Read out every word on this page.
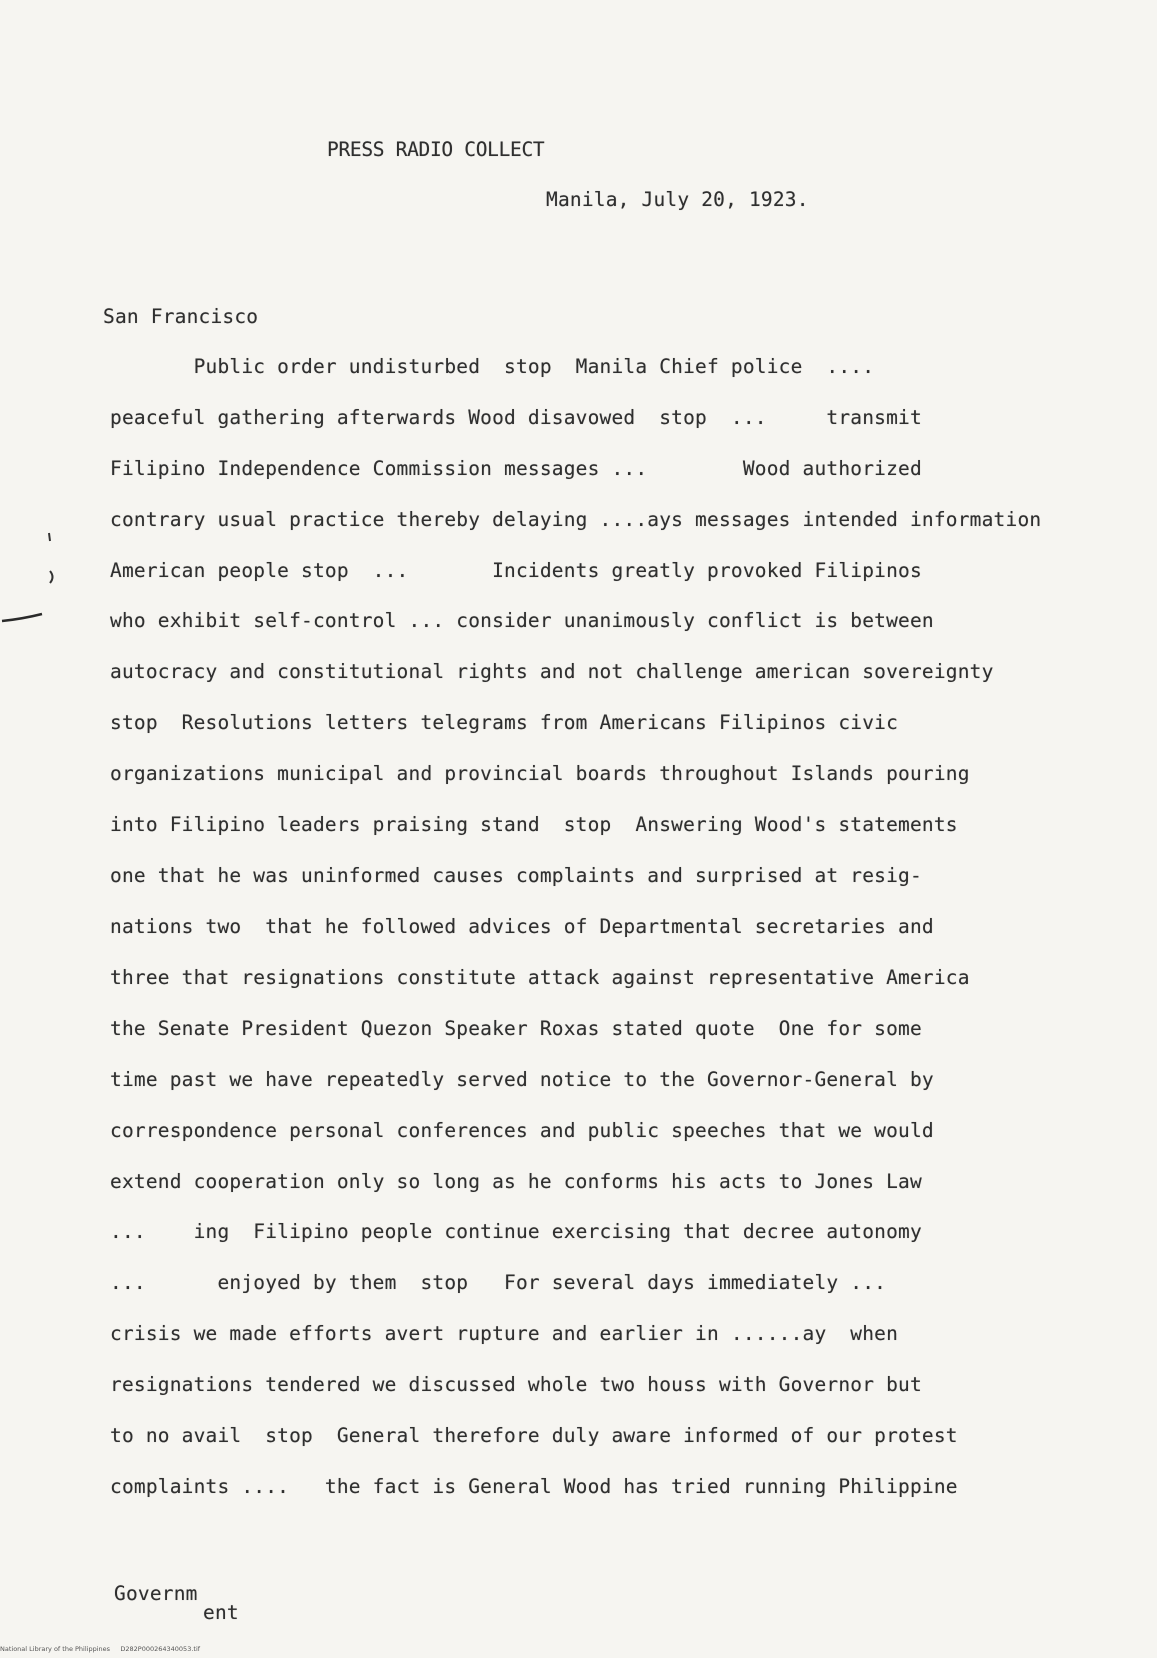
PRESS RADIO COLLECT
Manila, July 20, 1923.
San Francisco
Public order undisturbed  stop  Manila Chief police  ....
peaceful gathering afterwards Wood disavowed  stop  ...     transmit
Filipino Independence Commission messages ...        Wood authorized
contrary usual practice thereby delaying ....ays messages intended information
American people stop  ...       Incidents greatly provoked Filipinos
who exhibit self-control ... consider unanimously conflict is between
autocracy and constitutional rights and not challenge american sovereignty
stop  Resolutions letters telegrams from Americans Filipinos civic
organizations municipal and provincial boards throughout Islands pouring
into Filipino leaders praising stand  stop  Answering Wood's statements
one that he was uninformed causes complaints and surprised at resig-
nations two  that he followed advices of Departmental secretaries and
three that resignations constitute attack against representative America
the Senate President Quezon Speaker Roxas stated quote  One for some
time past we have repeatedly served notice to the Governor-General by
correspondence personal conferences and public speeches that we would
extend cooperation only so long as he conforms his acts to Jones Law
...    ing  Filipino people continue exercising that decree autonomy
...      enjoyed by them  stop   For several days immediately ...
crisis we made efforts avert rupture and earlier in ......ay  when
resignations tendered we discussed whole two houss with Governor but
to no avail  stop  General therefore duly aware informed of our protest
complaints ....   the fact is General Wood has tried running Philippine
Governm
ent
National Library of the Philippines D282P000264340053.tif
